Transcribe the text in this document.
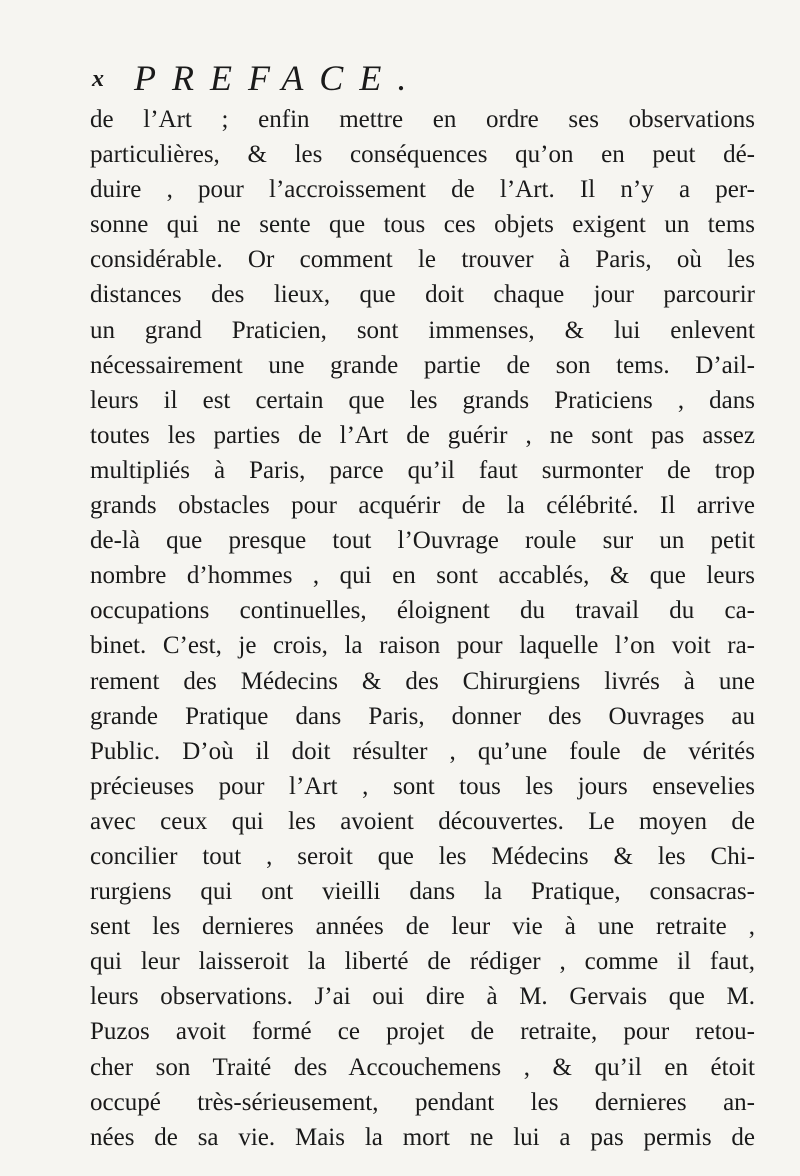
x PREFACE.
de l’Art ; enfin mettre en ordre ses observations
particulières, & les conséquences qu’on en peut dé-
duire , pour l’accroissement de l’Art. Il n’y a per-
sonne qui ne sente que tous ces objets exigent un tems
considérable. Or comment le trouver à Paris, où les
distances des lieux, que doit chaque jour parcourir
un grand Praticien, sont immenses, & lui enlevent
nécessairement une grande partie de son tems. D’ail-
leurs il est certain que les grands Praticiens , dans
toutes les parties de l’Art de guérir , ne sont pas assez
multipliés à Paris, parce qu’il faut surmonter de trop
grands obstacles pour acquérir de la célébrité. Il arrive
de-là que presque tout l’Ouvrage roule sur un petit
nombre d’hommes , qui en sont accablés, & que leurs
occupations continuelles, éloignent du travail du ca-
binet. C’est, je crois, la raison pour laquelle l’on voit ra-
rement des Médecins & des Chirurgiens livrés à une
grande Pratique dans Paris, donner des Ouvrages au
Public. D’où il doit résulter , qu’une foule de vérités
précieuses pour l’Art , sont tous les jours ensevelies
avec ceux qui les avoient découvertes. Le moyen de
concilier tout , seroit que les Médecins & les Chi-
rurgiens qui ont vieilli dans la Pratique, consacras-
sent les dernieres années de leur vie à une retraite ,
qui leur laisseroit la liberté de rédiger , comme il faut,
leurs observations. J’ai oui dire à M. Gervais que M.
Puzos avoit formé ce projet de retraite, pour retou-
cher son Traité des Accouchemens , & qu’il en étoit
occupé très-sérieusement, pendant les dernieres an-
nées de sa vie. Mais la mort ne lui a pas permis de
